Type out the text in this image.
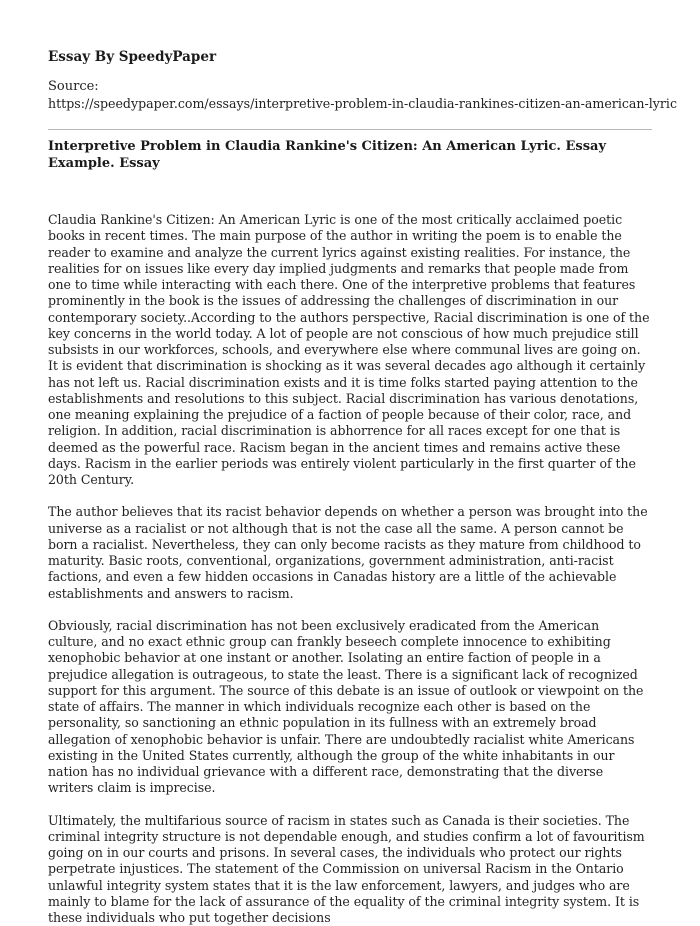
Essay By SpeedyPaper
Source:
https://speedypaper.com/essays/interpretive-problem-in-claudia-rankines-citizen-an-american-lyric
Interpretive Problem in Claudia Rankine's Citizen: An American Lyric. Essay Example. Essay

Claudia Rankine's Citizen: An American Lyric is one of the most critically acclaimed poetic books in recent times. The main purpose of the author in writing the poem is to enable the reader to examine and analyze the current lyrics against existing realities. For instance, the realities for on issues like every day implied judgments and remarks that people made from one to time while interacting with each there. One of the interpretive problems that features prominently in the book is the issues of addressing the challenges of discrimination in our contemporary society..According to the authors perspective, Racial discrimination is one of the key concerns in the world today. A lot of people are not conscious of how much prejudice still subsists in our workforces, schools, and everywhere else where communal lives are going on. It is evident that discrimination is shocking as it was several decades ago although it certainly has not left us. Racial discrimination exists and it is time folks started paying attention to the establishments and resolutions to this subject. Racial discrimination has various denotations, one meaning explaining the prejudice of a faction of people because of their color, race, and religion. In addition, racial discrimination is abhorrence for all races except for one that is deemed as the powerful race. Racism began in the ancient times and remains active these days. Racism in the earlier periods was entirely violent particularly in the first quarter of the 20th Century.

The author believes that its racist behavior depends on whether a person was brought into the universe as a racialist or not although that is not the case all the same. A person cannot be born a racialist. Nevertheless, they can only become racists as they mature from childhood to maturity. Basic roots, conventional, organizations, government administration, anti-racist factions, and even a few hidden occasions in Canadas history are a little of the achievable establishments and answers to racism.

Obviously, racial discrimination has not been exclusively eradicated from the American culture, and no exact ethnic group can frankly beseech complete innocence to exhibiting xenophobic behavior at one instant or another. Isolating an entire faction of people in a prejudice allegation is outrageous, to state the least. There is a significant lack of recognized support for this argument. The source of this debate is an issue of outlook or viewpoint on the state of affairs. The manner in which individuals recognize each other is based on the personality, so sanctioning an ethnic population in its fullness with an extremely broad allegation of xenophobic behavior is unfair. There are undoubtedly racialist white Americans existing in the United States currently, although the group of the white inhabitants in our nation has no individual grievance with a different race, demonstrating that the diverse writers claim is imprecise.

Ultimately, the multifarious source of racism in states such as Canada is their societies. The criminal integrity structure is not dependable enough, and studies confirm a lot of favouritism going on in our courts and prisons. In several cases, the individuals who protect our rights perpetrate injustices. The statement of the Commission on universal Racism in the Ontario unlawful integrity system states that it is the law enforcement, lawyers, and judges who are mainly to blame for the lack of assurance of the equality of the criminal integrity system. It is these individuals who put together decisions
